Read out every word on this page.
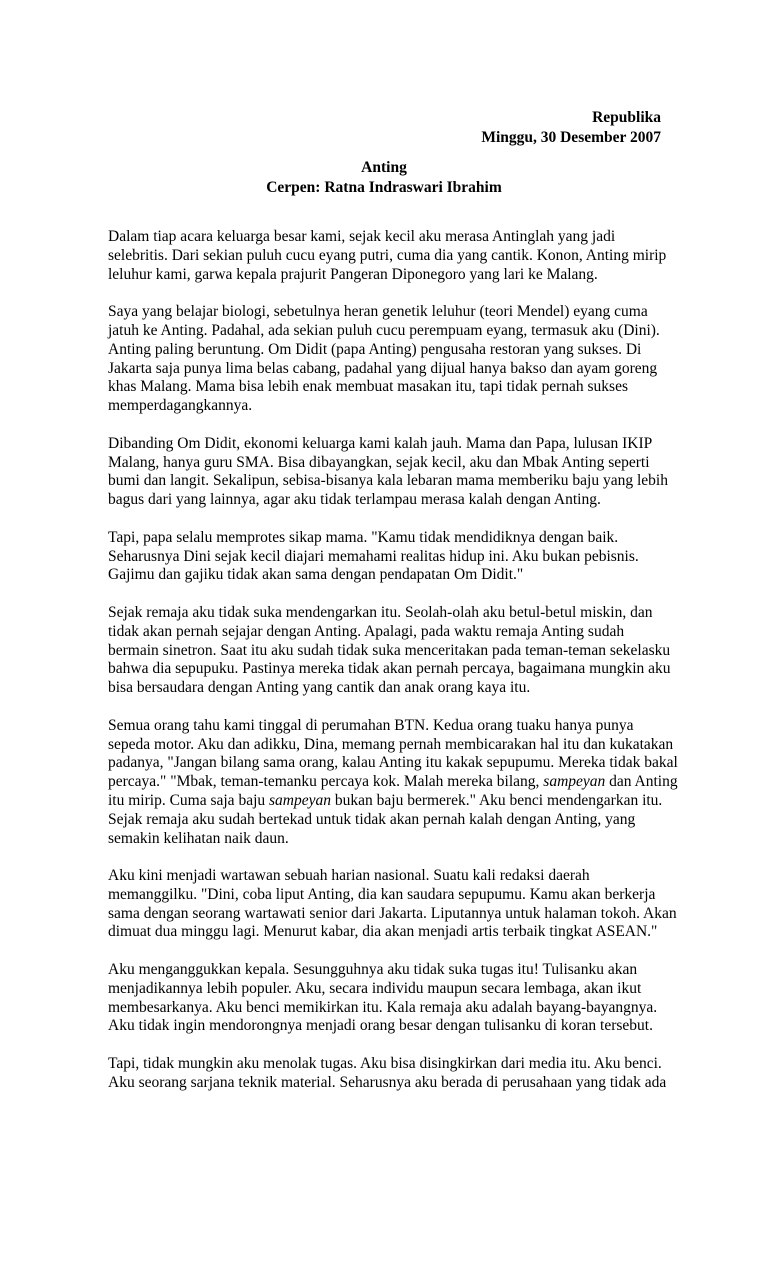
Republika
Minggu, 30 Desember 2007
Anting
Cerpen: Ratna Indraswari Ibrahim
Dalam tiap acara keluarga besar kami, sejak kecil aku merasa Antinglah yang jadi
selebritis. Dari sekian puluh cucu eyang putri, cuma dia yang cantik. Konon, Anting mirip
leluhur kami, garwa kepala prajurit Pangeran Diponegoro yang lari ke Malang.
Saya yang belajar biologi, sebetulnya heran genetik leluhur (teori Mendel) eyang cuma
jatuh ke Anting. Padahal, ada sekian puluh cucu perempuam eyang, termasuk aku (Dini).
Anting paling beruntung. Om Didit (papa Anting) pengusaha restoran yang sukses. Di
Jakarta saja punya lima belas cabang, padahal yang dijual hanya bakso dan ayam goreng
khas Malang. Mama bisa lebih enak membuat masakan itu, tapi tidak pernah sukses
memperdagangkannya.
Dibanding Om Didit, ekonomi keluarga kami kalah jauh. Mama dan Papa, lulusan IKIP
Malang, hanya guru SMA. Bisa dibayangkan, sejak kecil, aku dan Mbak Anting seperti
bumi dan langit. Sekalipun, sebisa-bisanya kala lebaran mama memberiku baju yang lebih
bagus dari yang lainnya, agar aku tidak terlampau merasa kalah dengan Anting.
Tapi, papa selalu memprotes sikap mama. "Kamu tidak mendidiknya dengan baik.
Seharusnya Dini sejak kecil diajari memahami realitas hidup ini. Aku bukan pebisnis.
Gajimu dan gajiku tidak akan sama dengan pendapatan Om Didit."
Sejak remaja aku tidak suka mendengarkan itu. Seolah-olah aku betul-betul miskin, dan
tidak akan pernah sejajar dengan Anting. Apalagi, pada waktu remaja Anting sudah
bermain sinetron. Saat itu aku sudah tidak suka menceritakan pada teman-teman sekelasku
bahwa dia sepupuku. Pastinya mereka tidak akan pernah percaya, bagaimana mungkin aku
bisa bersaudara dengan Anting yang cantik dan anak orang kaya itu.
Semua orang tahu kami tinggal di perumahan BTN. Kedua orang tuaku hanya punya
sepeda motor. Aku dan adikku, Dina, memang pernah membicarakan hal itu dan kukatakan
padanya, "Jangan bilang sama orang, kalau Anting itu kakak sepupumu. Mereka tidak bakal
percaya." "Mbak, teman-temanku percaya kok. Malah mereka bilang, sampeyan dan Anting
itu mirip. Cuma saja baju sampeyan bukan baju bermerek." Aku benci mendengarkan itu.
Sejak remaja aku sudah bertekad untuk tidak akan pernah kalah dengan Anting, yang
semakin kelihatan naik daun.
Aku kini menjadi wartawan sebuah harian nasional. Suatu kali redaksi daerah
memanggilku. "Dini, coba liput Anting, dia kan saudara sepupumu. Kamu akan berkerja
sama dengan seorang wartawati senior dari Jakarta. Liputannya untuk halaman tokoh. Akan
dimuat dua minggu lagi. Menurut kabar, dia akan menjadi artis terbaik tingkat ASEAN."
Aku menganggukkan kepala. Sesungguhnya aku tidak suka tugas itu! Tulisanku akan
menjadikannya lebih populer. Aku, secara individu maupun secara lembaga, akan ikut
membesarkanya. Aku benci memikirkan itu. Kala remaja aku adalah bayang-bayangnya.
Aku tidak ingin mendorongnya menjadi orang besar dengan tulisanku di koran tersebut.
Tapi, tidak mungkin aku menolak tugas. Aku bisa disingkirkan dari media itu. Aku benci.
Aku seorang sarjana teknik material. Seharusnya aku berada di perusahaan yang tidak ada
